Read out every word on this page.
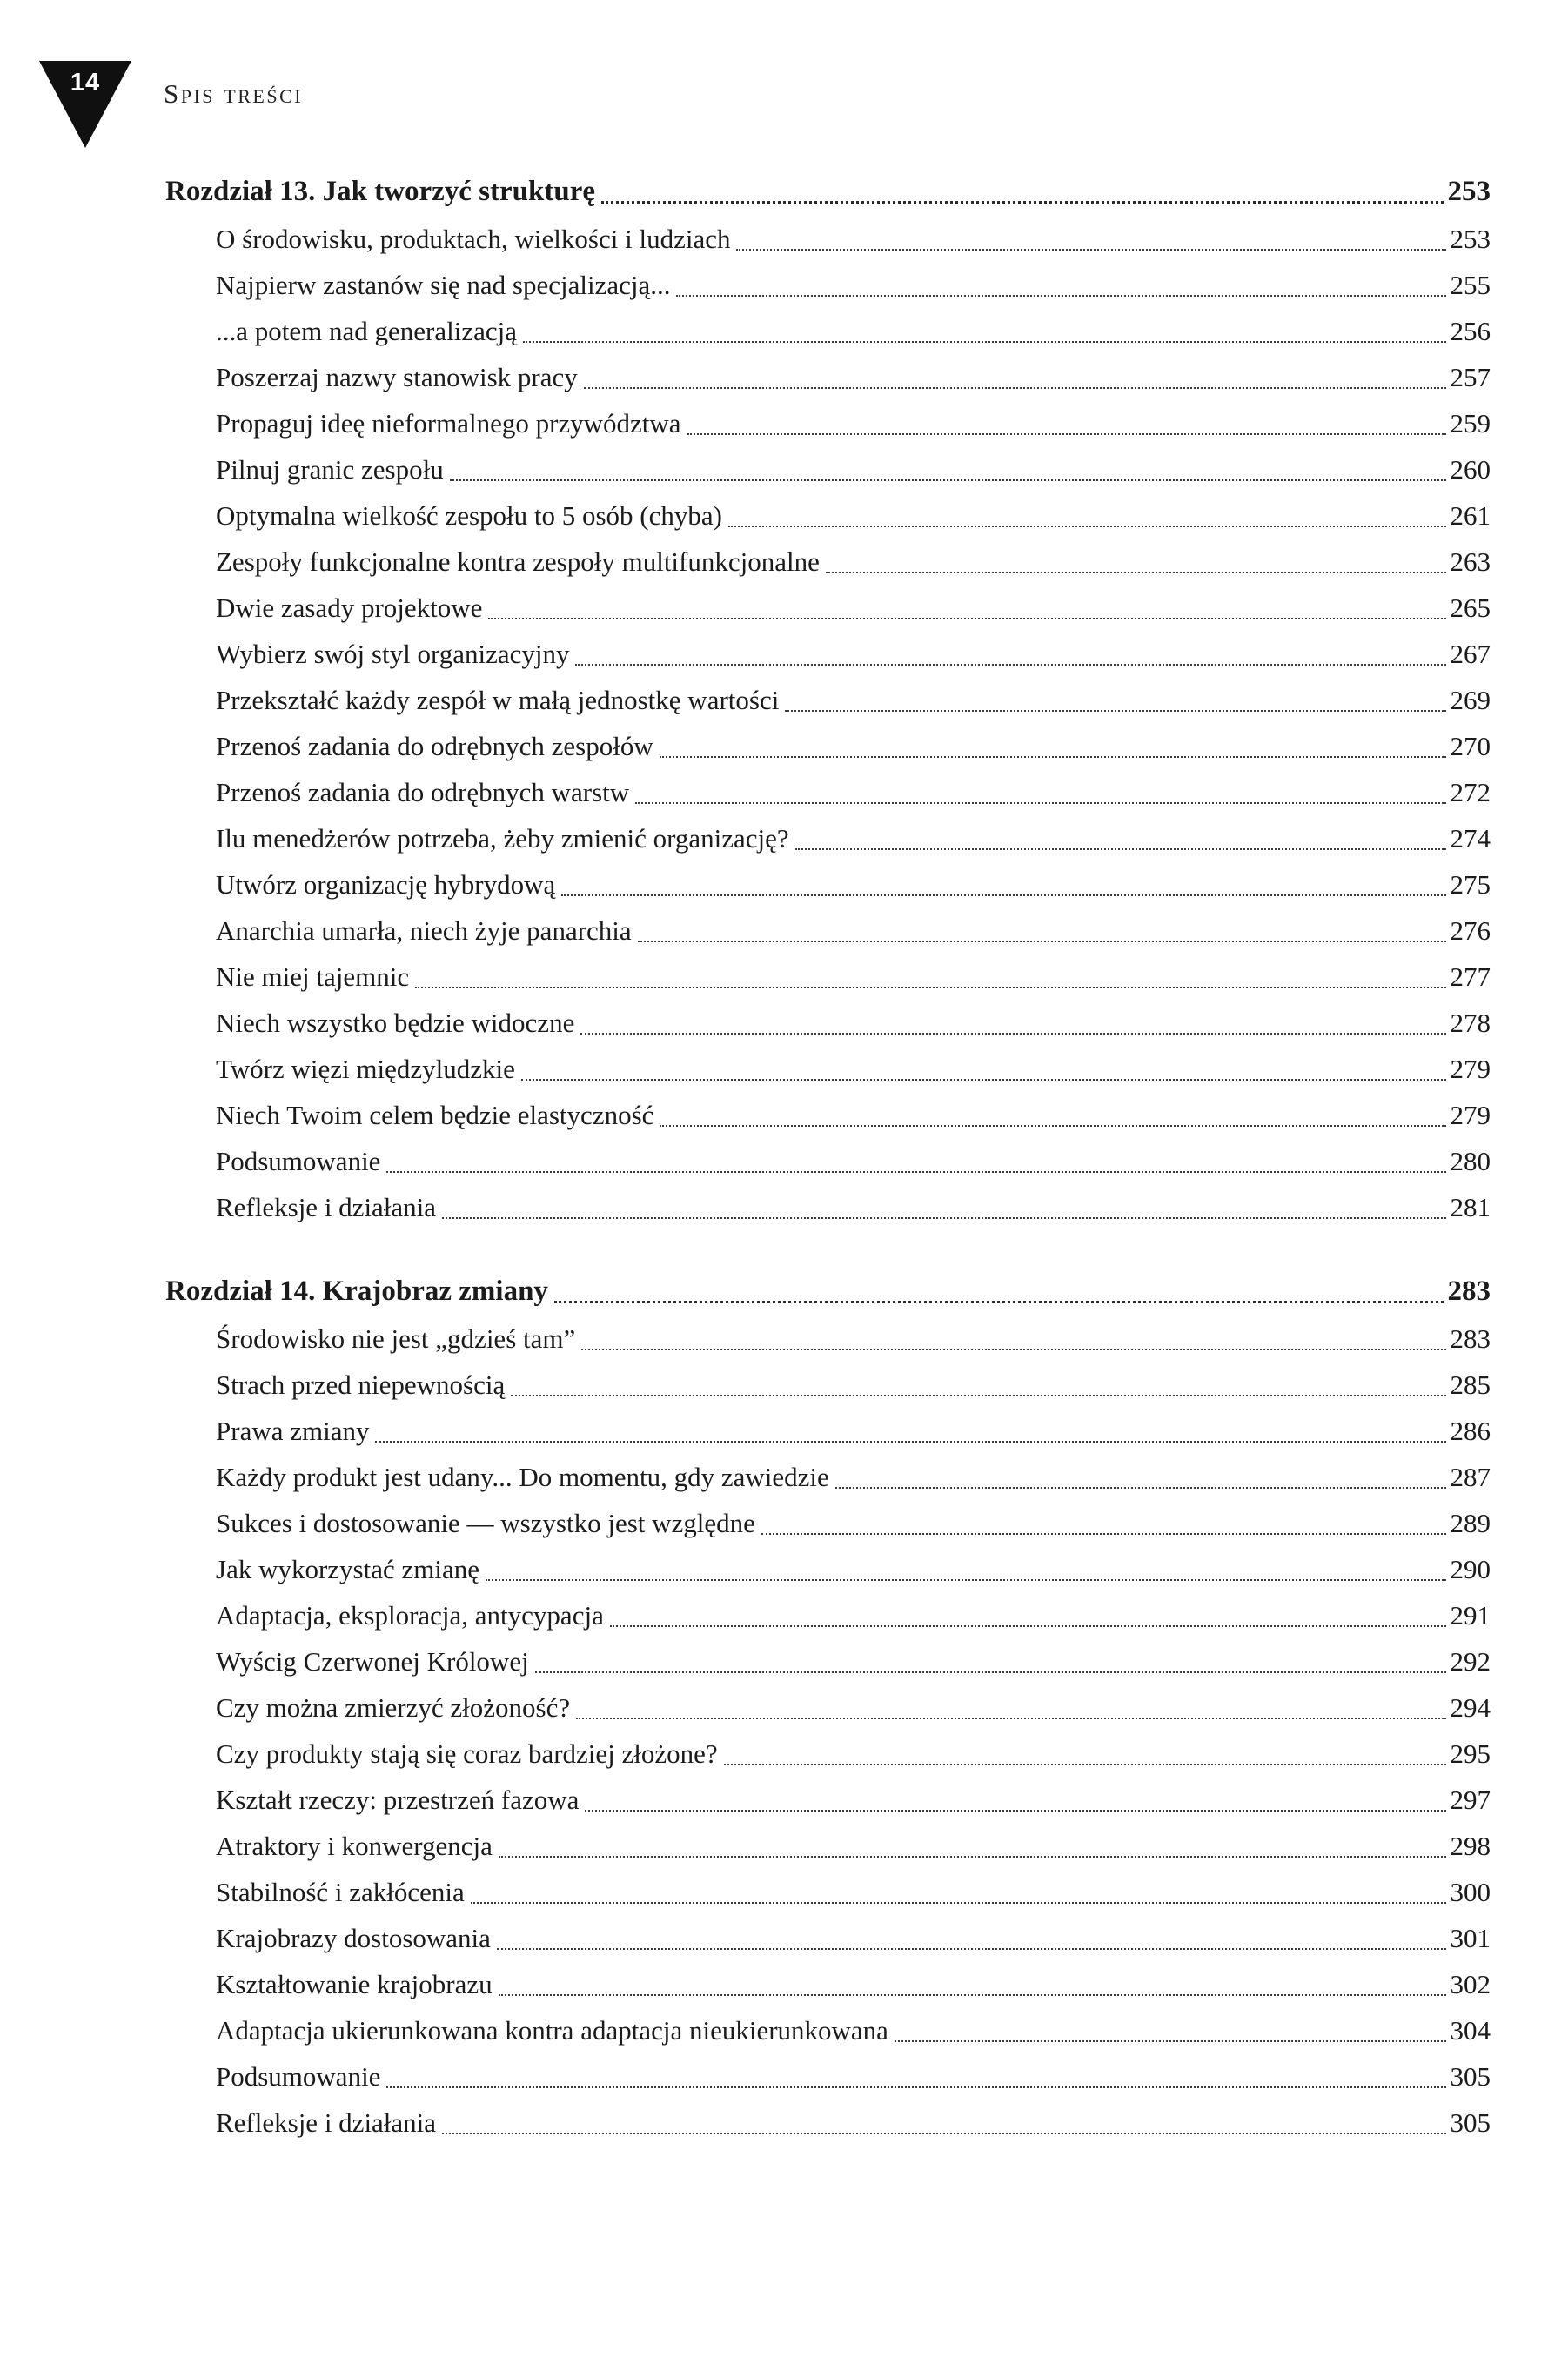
14	Spis treści
Rozdział 13. Jak tworzyć strukturę	253
O środowisku, produktach, wielkości i ludziach	253
Najpierw zastanów się nad specjalizacją...	255
...a potem nad generalizacją	256
Poszerzaj nazwy stanowisk pracy	257
Propaguj ideę nieformalnego przywództwa	259
Pilnuj granic zespołu	260
Optymalna wielkość zespołu to 5 osób (chyba)	261
Zespoły funkcjonalne kontra zespoły multifunkcjonalne	263
Dwie zasady projektowe	265
Wybierz swój styl organizacyjny	267
Przekształć każdy zespół w małą jednostkę wartości	269
Przenoś zadania do odrębnych zespołów	270
Przenoś zadania do odrębnych warstw	272
Ilu menedżerów potrzeba, żeby zmienić organizację?	274
Utwórz organizację hybrydową	275
Anarchia umarła, niech żyje panarchia	276
Nie miej tajemnic	277
Niech wszystko będzie widoczne	278
Twórz więzi międzyludzkie	279
Niech Twoim celem będzie elastyczność	279
Podsumowanie	280
Refleksje i działania	281
Rozdział 14. Krajobraz zmiany	283
Środowisko nie jest „gdzieś tam”	283
Strach przed niepewnością	285
Prawa zmiany	286
Każdy produkt jest udany... Do momentu, gdy zawiedzie	287
Sukces i dostosowanie — wszystko jest względne	289
Jak wykorzystać zmianę	290
Adaptacja, eksploracja, antycypacja	291
Wyścig Czerwonej Królowej	292
Czy można zmierzyć złożoność?	294
Czy produkty stają się coraz bardziej złożone?	295
Kształt rzeczy: przestrzeń fazowa	297
Atraktory i konwergencja	298
Stabilność i zakłócenia	300
Krajobrazy dostosowania	301
Kształtowanie krajobrazu	302
Adaptacja ukierunkowana kontra adaptacja nieukierunkowana	304
Podsumowanie	305
Refleksje i działania	305
